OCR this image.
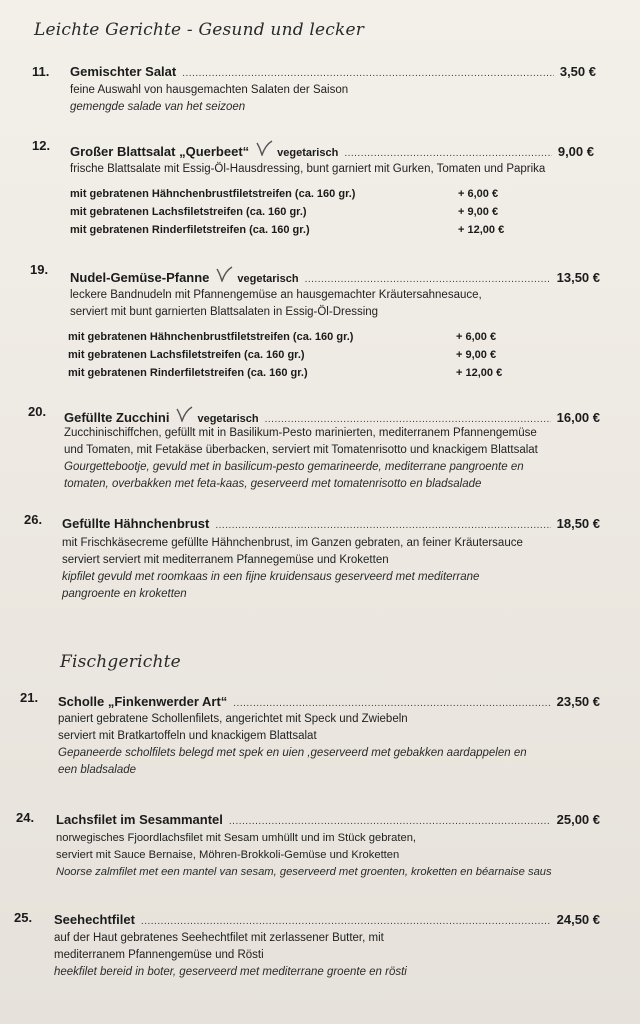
Leichte Gerichte - Gesund und lecker
11. Gemischter Salat .....	3,50 €
feine Auswahl von hausgemachten Salaten der Saison
gemengde salade van het seizoen
12. Großer Blattsalat „Querbeet“	vegetarisch .....	9,00 €
frische Blattsalate mit Essig-Öl-Hausdressing, bunt garniert mit Gurken, Tomaten und Paprika
mit gebratenen Hähnchenbrustfiletstreifen (ca. 160 gr.)	+ 6,00 €
mit gebratenen Lachsfiletstreifen (ca. 160 gr.)	+ 9,00 €
mit gebratenen Rinderfiletstreifen (ca. 160 gr.)	+ 12,00 €
19.
Nudel-Gemüse-Pfanne	vegetarisch .....	13,50 €
leckere Bandnudeln mit Pfannengemüse an hausgemachter Kräutersahnesauce,
serviert mit bunt garnierten Blattsalaten in Essig-Öl-Dressing
mit gebratenen Hähnchenbrustfiletstreifen (ca. 160 gr.)	+ 6,00 €
mit gebratenen Lachsfiletstreifen (ca. 160 gr.)	+ 9,00 €
mit gebratenen Rinderfiletstreifen (ca. 160 gr.)	+ 12,00 €
20. Gefüllte Zucchini	vegetarisch .....	16,00 €
Zucchinischiffchen, gefüllt mit in Basilikum-Pesto marinierten, mediterranem Pfannengemüse
und Tomaten, mit Fetakäse überbacken, serviert mit Tomatenrisotto und knackigem Blattsalat
Gourgettebootje, gevuld met in basilicum-pesto gemarineerde, mediterrane pangroente en
tomaten, overbakken met feta-kaas, geserveerd met tomatenrisotto en bladsalade
26. Gefüllte Hähnchenbrust .....	18,50 €
mit Frischkäsecreme gefüllte Hähnchenbrust, im Ganzen gebraten, an feiner Kräutersauce
serviert serviert mit mediterranem Pfannegemüse und Kroketten
kipfilet gevuld met roomkaas in een fijne kruidensaus geserveerd met mediterrane
pangroente en kroketten
Fischgerichte
21. Scholle „Finkenwerder Art“ .....	23,50 €
paniert gebratene Schollenfilets, angerichtet mit Speck und Zwiebeln
serviert mit Bratkartoffeln und knackigem Blattsalat
Gepaneerde scholfilets belegd met spek en uien ,geserveerd met gebakken aardappelen en
een bladsalade
24. Lachsfilet im Sesammantel .....	25,00 €
norwegisches Fjoordlachsfilet mit Sesam umhüllt und im Stück gebraten,
serviert mit Sauce Bernaise, Möhren-Brokkoli-Gemüse und Kroketten
Noorse zalmfilet met een mantel van sesam, geserveerd met groenten, kroketten en béarnaise saus
25. Seehechtfilet .....	24,50 €
auf der Haut gebratenes Seehechtfilet mit zerlassener Butter, mit
mediterranem Pfannengemüse und Rösti
heekfilet bereid in boter, geserveerd met mediterrane groente en rösti
